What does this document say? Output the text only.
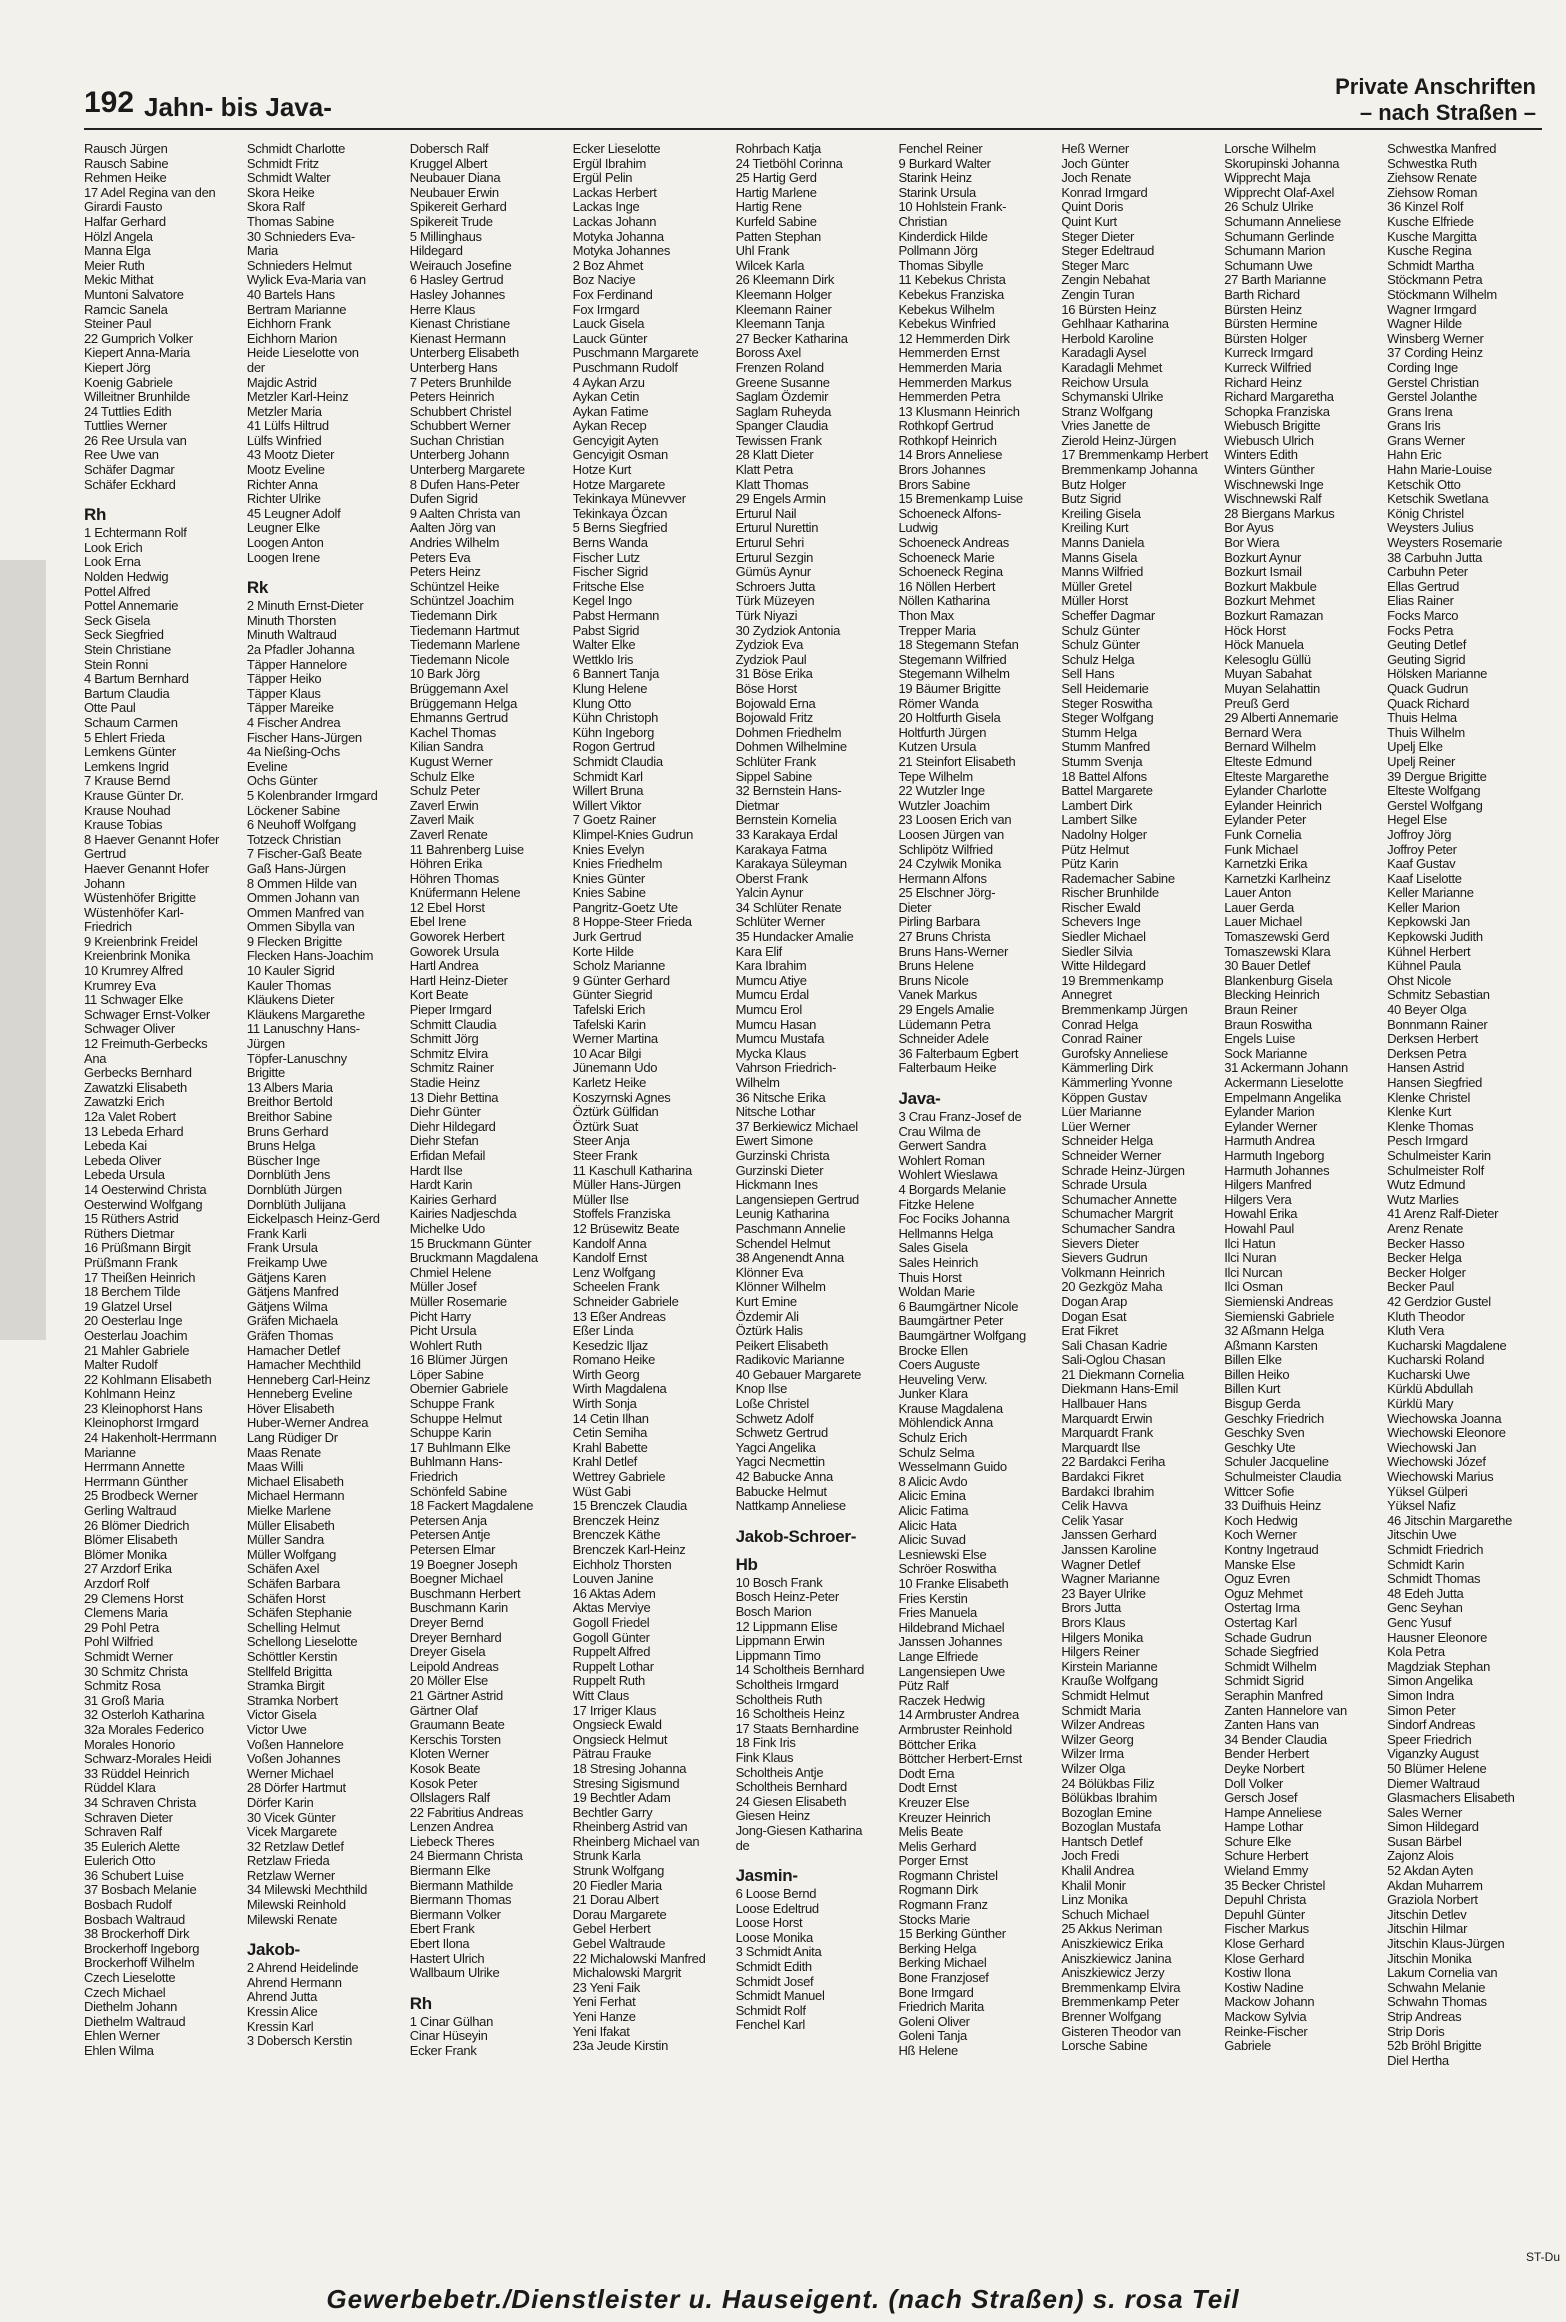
192 Jahn- bis Java-
Private Anschriften
– nach Straßen –
Rausch Jürgen
Rausch Sabine
Rehmen Heike
17 Adel Regina van den
Girardi Fausto
Halfar Gerhard
Hölzl Angela
Manna Elga
Meier Ruth
Mekic Mithat
Muntoni Salvatore
Ramcic Sanela
Steiner Paul
22 Gumprich Volker
Kiepert Anna-Maria
Kiepert Jörg
Koenig Gabriele
Willeitner Brunhilde
24 Tuttlies Edith
Tuttlies Werner
26 Ree Ursula van
Ree Uwe van
Schäfer Dagmar
Schäfer Eckhard

Rh
1 Echtermann Rolf
Look Erich
Look Erna
Nolden Hedwig
Pottel Alfred
Pottel Annemarie
Seck Gisela
Seck Siegfried
Stein Christiane
Stein Ronni
4 Bartum Bernhard
Bartum Claudia
Otte Paul
Schaum Carmen
5 Ehlert Frieda
Lemkens Günter
Lemkens Ingrid
7 Krause Bernd
Krause Günter Dr.
Krause Nouhad
Krause Tobias
8 Haever Genannt Hofer
Gertrud
Haever Genannt Hofer
Johann
Wüstenhöfer Brigitte
Wüstenhöfer Karl-
Friedrich
9 Kreienbrink Freidel
Kreienbrink Monika
10 Krumrey Alfred
Krumrey Eva
11 Schwager Elke
Schwager Ernst-Volker
Schwager Oliver
12 Freimuth-Gerbecks
Ana
Gerbecks Bernhard
Zawatzki Elisabeth
Zawatzki Erich
12a Valet Robert
13 Lebeda Erhard
Lebeda Kai
Lebeda Oliver
Lebeda Ursula
14 Oesterwind Christa
Oesterwind Wolfgang
15 Rüthers Astrid
Rüthers Dietmar
16 Prüßmann Birgit
Prüßmann Frank
17 Theißen Heinrich
18 Berchem Tilde
19 Glatzel Ursel
20 Oesterlau Inge
Oesterlau Joachim
21 Mahler Gabriele
Malter Rudolf
22 Kohlmann Elisabeth
Kohlmann Heinz
23 Kleinophorst Hans
Kleinophorst Irmgard
24 Hakenholt-Herrmann
Marianne
Herrmann Annette
Herrmann Günther
25 Brodbeck Werner
Gerling Waltraud
26 Blömer Diedrich
Blömer Elisabeth
Blömer Monika
27 Arzdorf Erika
Arzdorf Rolf
29 Clemens Horst
Clemens Maria
29 Pohl Petra
Pohl Wilfried
Schmidt Werner
30 Schmitz Christa
Schmitz Rosa
31 Groß Maria
32 Osterloh Katharina
32a Morales Federico
Morales Honorio
Schwarz-Morales Heidi
33 Rüddel Heinrich
Rüddel Klara
34 Schraven Christa
Schraven Dieter
Schraven Ralf
35 Eulerich Alette
Eulerich Otto
36 Schubert Luise
37 Bosbach Melanie
Bosbach Rudolf
Bosbach Waltraud
38 Brockerhoff Dirk
Brockerhoff Ingeborg
Brockerhoff Wilhelm
Czech Lieselotte
Czech Michael
Diethelm Johann
Diethelm Waltraud
Ehlen Werner
Ehlen Wilma
Schmidt Charlotte
Schmidt Fritz
Schmidt Walter
Skora Heike
Skora Ralf
Thomas Sabine
30 Schnieders Eva-
Maria
Schnieders Helmut
Wylick Eva-Maria van
40 Bartels Hans
Bertram Marianne
Eichhorn Frank
Eichhorn Marion
Heide Lieselotte von
der
Majdic Astrid
Metzler Karl-Heinz
Metzler Maria
41 Lülfs Hiltrud
Lülfs Winfried
43 Mootz Dieter
Mootz Eveline
Richter Anna
Richter Ulrike
45 Leugner Adolf
Leugner Elke
Loogen Anton
Loogen Irene

Rk
2 Minuth Ernst-Dieter
Minuth Thorsten
Minuth Waltraud
2a Pfadler Johanna
Täpper Hannelore
Täpper Heiko
Täpper Klaus
Täpper Mareike
4 Fischer Andrea
Fischer Hans-Jürgen
4a Nießing-Ochs
Eveline
Ochs Günter
5 Kolenbrander Irmgard
Löckener Sabine
6 Neuhoff Wolfgang
Totzeck Christian
7 Fischer-Gaß Beate
Gaß Hans-Jürgen
8 Ommen Hilde van
Ommen Johann van
Ommen Manfred van
Ommen Sibylla van
9 Flecken Brigitte
Flecken Hans-Joachim
10 Kauler Sigrid
Kauler Thomas
Kläukens Dieter
Kläukens Margarethe
11 Lanuschny Hans-
Jürgen
Töpfer-Lanuschny
Brigitte
13 Albers Maria
Breithor Bertold
Breithor Sabine
Bruns Gerhard
Bruns Helga
Büscher Inge
Dornblüth Jens
Dornblüth Jürgen
Dornblüth Julijana
Eickelpasch Heinz-Gerd
Frank Karli
Frank Ursula
Freikamp Uwe
Gätjens Karen
Gätjens Manfred
Gätjens Wilma
Gräfen Michaela
Gräfen Thomas
Hamacher Detlef
Hamacher Mechthild
Henneberg Carl-Heinz
Henneberg Eveline
Höver Elisabeth
Huber-Werner Andrea
Lang Rüdiger Dr
Maas Renate
Maas Willi
Michael Elisabeth
Michael Hermann
Mielke Marlene
Müller Elisabeth
Müller Sandra
Müller Wolfgang
Schäfen Axel
Schäfen Barbara
Schäfen Horst
Schäfen Stephanie
Schelling Helmut
Schellong Lieselotte
Schöttler Kerstin
Stellfeld Brigitta
Stramka Birgit
Stramka Norbert
Victor Gisela
Victor Uwe
Voßen Hannelore
Voßen Johannes
Werner Michael
28 Dörfer Hartmut
Dörfer Karin
30 Vicek Günter
Vicek Margarete
32 Retzlaw Detlef
Retzlaw Frieda
Retzlaw Werner
34 Milewski Mechthild
Milewski Reinhold
Milewski Renate

Jakob-
2 Ahrend Heidelinde
Ahrend Hermann
Ahrend Jutta
Kressin Alice
Kressin Karl
3 Dobersch Kerstin
Dobersch Ralf
Kruggel Albert
Neubauer Diana
Neubauer Erwin
Spikereit Gerhard
Spikereit Trude
5 Millinghaus
Hildegard
Weirauch Josefine
6 Hasley Gertrud
Hasley Johannes
Herre Klaus
Kienast Christiane
Kienast Hermann
Unterberg Elisabeth
Unterberg Hans
7 Peters Brunhilde
Peters Heinrich
Schubbert Christel
Schubbert Werner
Suchan Christian
Unterberg Johann
Unterberg Margarete
8 Dufen Hans-Peter
Dufen Sigrid
9 Aalten Christa van
Aalten Jörg van
Andries Wilhelm
Peters Eva
Peters Heinz
Schüntzel Heike
Schüntzel Joachim
Tiedemann Dirk
Tiedemann Hartmut
Tiedemann Marlene
Tiedemann Nicole
10 Bark Jörg
Brüggemann Axel
Brüggemann Helga
Ehmanns Gertrud
Kachel Thomas
Kilian Sandra
Kugust Werner
Schulz Elke
Schulz Peter
Zaverl Erwin
Zaverl Maik
Zaverl Renate
11 Bahrenberg Luise
Höhren Erika
Höhren Thomas
Knüfermann Helene
12 Ebel Horst
Ebel Irene
Goworek Herbert
Goworek Ursula
Hartl Andrea
Hartl Heinz-Dieter
Kort Beate
Pieper Irmgard
Schmitt Claudia
Schmitt Jörg
Schmitz Elvira
Schmitz Rainer
Stadie Heinz
13 Diehr Bettina
Diehr Günter
Diehr Hildegard
Diehr Stefan
Erfidan Mefail
Hardt Ilse
Hardt Karin
Kairies Gerhard
Kairies Nadjeschda
Michelke Udo
15 Bruckmann Günter
Bruckmann Magdalena
Chmiel Helene
Müller Josef
Müller Rosemarie
Picht Harry
Picht Ursula
Wohlert Ruth
16 Blümer Jürgen
Löper Sabine
Obernier Gabriele
Schuppe Frank
Schuppe Helmut
Schuppe Karin
17 Buhlmann Elke
Buhlmann Hans-
Friedrich
Schönfeld Sabine
18 Fackert Magdalene
Petersen Anja
Petersen Antje
Petersen Elmar
19 Boegner Joseph
Boegner Michael
Buschmann Herbert
Buschmann Karin
Dreyer Bernd
Dreyer Bernhard
Dreyer Gisela
Leipold Andreas
20 Möller Else
21 Gärtner Astrid
Gärtner Olaf
Graumann Beate
Kerschis Torsten
Kloten Werner
Kosok Beate
Kosok Peter
Ollslagers Ralf
22 Fabritius Andreas
Lenzen Andrea
Liebeck Theres
24 Biermann Christa
Biermann Elke
Biermann Mathilde
Biermann Thomas
Biermann Volker
Ebert Frank
Ebert Ilona
Hastert Ulrich
Wallbaum Ulrike

Rh
1 Cinar Gülhan
Cinar Hüseyin
Ecker Frank
Ecker Lieselotte
Ergül Ibrahim
Ergül Pelin
Lackas Herbert
Lackas Inge
Lackas Johann
Motyka Johanna
Motyka Johannes
2 Boz Ahmet
Boz Naciye
Fox Ferdinand
Fox Irmgard
Lauck Gisela
Lauck Günter
Puschmann Margarete
Puschmann Rudolf
4 Aykan Arzu
Aykan Cetin
Aykan Fatime
Aykan Recep
Gencyigit Ayten
Gencyigit Osman
Hotze Kurt
Hotze Margarete
Tekinkaya Münevver
Tekinkaya Özcan
5 Berns Siegfried
Berns Wanda
Fischer Lutz
Fischer Sigrid
Fritsche Else
Kegel Ingo
Pabst Hermann
Pabst Sigrid
Walter Elke
Wettklo Iris
6 Bannert Tanja
Klung Helene
Klung Otto
Kühn Christoph
Kühn Ingeborg
Rogon Gertrud
Schmidt Claudia
Schmidt Karl
Willert Bruna
Willert Viktor
7 Goetz Rainer
Klimpel-Knies Gudrun
Knies Evelyn
Knies Friedhelm
Knies Günter
Knies Sabine
Pangritz-Goetz Ute
8 Hoppe-Steer Frieda
Jurk Gertrud
Korte Hilde
Scholz Marianne
9 Günter Gerhard
Günter Siegrid
Tafelski Erich
Tafelski Karin
Werner Martina
10 Acar Bilgi
Jünemann Udo
Karletz Heike
Koszyrnski Agnes
Öztürk Gülfidan
Öztürk Suat
Steer Anja
Steer Frank
11 Kaschull Katharina
Müller Hans-Jürgen
Müller Ilse
Stoffels Franziska
12 Brüsewitz Beate
Kandolf Anna
Kandolf Ernst
Lenz Wolfgang
Scheelen Frank
Schneider Gabriele
13 Eßer Andreas
Eßer Linda
Kesedzic Iljaz
Romano Heike
Wirth Georg
Wirth Magdalena
Wirth Sonja
14 Cetin Ilhan
Cetin Semiha
Krahl Babette
Krahl Detlef
Wettrey Gabriele
Wüst Gabi
15 Brenczek Claudia
Brenczek Heinz
Brenczek Käthe
Brenczek Karl-Heinz
Eichholz Thorsten
Louven Janine
16 Aktas Adem
Aktas Merviye
Gogoll Friedel
Gogoll Günter
Ruppelt Alfred
Ruppelt Lothar
Ruppelt Ruth
Witt Claus
17 Irriger Klaus
Ongsieck Ewald
Ongsieck Helmut
Pätrau Frauke
18 Stresing Johanna
Stresing Sigismund
19 Bechtler Adam
Bechtler Garry
Rheinberg Astrid van
Rheinberg Michael van
Strunk Karla
Strunk Wolfgang
20 Fiedler Maria
21 Dorau Albert
Dorau Margarete
Gebel Herbert
Gebel Waltraude
22 Michalowski Manfred
Michalowski Margrit
23 Yeni Faik
Yeni Ferhat
Yeni Hanze
Yeni Ifakat
23a Jeude Kirstin
Rohrbach Katja
24 Tietböhl Corinna
25 Hartig Gerd
Hartig Marlene
Hartig Rene
Kurfeld Sabine
Patten Stephan
Uhl Frank
Wilcek Karla
26 Kleemann Dirk
Kleemann Holger
Kleemann Rainer
Kleemann Tanja
27 Becker Katharina
Boross Axel
Frenzen Roland
Greene Susanne
Saglam Özdemir
Saglam Ruheyda
Spanger Claudia
Tewissen Frank
28 Klatt Dieter
Klatt Petra
Klatt Thomas
29 Engels Armin
Erturul Nail
Erturul Nurettin
Erturul Sehri
Erturul Sezgin
Gümüs Aynur
Schroers Jutta
Türk Müzeyen
Türk Niyazi
30 Zydziok Antonia
Zydziok Eva
Zydziok Paul
31 Böse Erika
Böse Horst
Bojowald Erna
Bojowald Fritz
Dohmen Friedhelm
Dohmen Wilhelmine
Schlüter Frank
Sippel Sabine
32 Bernstein Hans-
Dietmar
Bernstein Kornelia
33 Karakaya Erdal
Karakaya Fatma
Karakaya Süleyman
Oberst Frank
Yalcin Aynur
34 Schlüter Renate
Schlüter Werner
35 Hundacker Amalie
Kara Elif
Kara Ibrahim
Mumcu Atiye
Mumcu Erdal
Mumcu Erol
Mumcu Hasan
Mumcu Mustafa
Mycka Klaus
Vahrson Friedrich-
Wilhelm
36 Nitsche Erika
Nitsche Lothar
37 Berkiewicz Michael
Ewert Simone
Gurzinski Christa
Gurzinski Dieter
Hickmann Ines
Langensiepen Gertrud
Leunig Katharina
Paschmann Annelie
Schendel Helmut
38 Angenendt Anna
Klönner Eva
Klönner Wilhelm
Kurt Emine
Özdemir Ali
Öztürk Halis
Peikert Elisabeth
Radikovic Marianne
40 Gebauer Margarete
Knop Ilse
Loße Christel
Schwetz Adolf
Schwetz Gertrud
Yagci Angelika
Yagci Necmettin
42 Babucke Anna
Babucke Helmut
Nattkamp Anneliese

Jakob-Schroer-
Hb
10 Bosch Frank
Bosch Heinz-Peter
Bosch Marion
12 Lippmann Elise
Lippmann Erwin
Lippmann Timo
14 Scholtheis Bernhard
Scholtheis Irmgard
Scholtheis Ruth
16 Scholtheis Heinz
17 Staats Bernhardine
18 Fink Iris
Fink Klaus
Scholtheis Antje
Scholtheis Bernhard
24 Giesen Elisabeth
Giesen Heinz
Jong-Giesen Katharina
de

Jasmin-
6 Loose Bernd
Loose Edeltrud
Loose Horst
Loose Monika
3 Schmidt Anita
Schmidt Edith
Schmidt Josef
Schmidt Manuel
Schmidt Rolf
Fenchel Karl
Fenchel Reiner
9 Burkard Walter
Starink Heinz
Starink Ursula
10 Hohlstein Frank-
Christian
Kinderdick Hilde
Pollmann Jörg
Thomas Sibylle
11 Kebekus Christa
Kebekus Franziska
Kebekus Wilhelm
Kebekus Winfried
12 Hemmerden Dirk
Hemmerden Ernst
Hemmerden Maria
Hemmerden Markus
Hemmerden Petra
13 Klusmann Heinrich
Rothkopf Gertrud
Rothkopf Heinrich
14 Brors Anneliese
Brors Johannes
Brors Sabine
15 Bremenkamp Luise
Schoeneck Alfons-
Ludwig
Schoeneck Andreas
Schoeneck Marie
Schoeneck Regina
16 Nöllen Herbert
Nöllen Katharina
Thon Max
Trepper Maria
18 Stegemann Stefan
Stegemann Wilfried
Stegemann Wilhelm
19 Bäumer Brigitte
Römer Wanda
20 Holtfurth Gisela
Holtfurth Jürgen
Kutzen Ursula
21 Steinfort Elisabeth
Tepe Wilhelm
22 Wutzler Inge
Wutzler Joachim
23 Loosen Erich van
Loosen Jürgen van
Schlipötz Wilfried
24 Czylwik Monika
Hermann Alfons
25 Elschner Jörg-
Dieter
Pirling Barbara
27 Bruns Christa
Bruns Hans-Werner
Bruns Helene
Bruns Nicole
Vanek Markus
29 Engels Amalie
Lüdemann Petra
Schneider Adele
36 Falterbaum Egbert
Falterbaum Heike

Java-
3 Crau Franz-Josef de
Crau Wilma de
Gerwert Sandra
Wohlert Roman
Wohlert Wieslawa
4 Borgards Melanie
Fitzke Helene
Foc Fociks Johanna
Hellmanns Helga
Sales Gisela
Sales Heinrich
Thuis Horst
Woldan Marie
6 Baumgärtner Nicole
Baumgärtner Peter
Baumgärtner Wolfgang
Brocke Ellen
Coers Auguste
Heuveling Verw.
Junker Klara
Krause Magdalena
Möhlendick Anna
Schulz Erich
Schulz Selma
Wesselmann Guido
8 Alicic Avdo
Alicic Emina
Alicic Fatima
Alicic Hata
Alicic Suvad
Lesniewski Else
Schröer Roswitha
10 Franke Elisabeth
Fries Kerstin
Fries Manuela
Hildebrand Michael
Janssen Johannes
Lange Elfriede
Langensiepen Uwe
Pütz Ralf
Raczek Hedwig
14 Armbruster Andrea
Armbruster Reinhold
Böttcher Erika
Böttcher Herbert-Ernst
Dodt Erna
Dodt Ernst
Kreuzer Else
Kreuzer Heinrich
Melis Beate
Melis Gerhard
Porger Ernst
Rogmann Christel
Rogmann Dirk
Rogmann Franz
Stocks Marie
15 Berking Günther
Berking Helga
Berking Michael
Bone Franzjosef
Bone Irmgard
Friedrich Marita
Goleni Oliver
Goleni Tanja
Hß Helene
Heß Werner
Joch Günter
Joch Renate
Konrad Irmgard
Quint Doris
Quint Kurt
Steger Dieter
Steger Edeltraud
Steger Marc
Zengin Nebahat
Zengin Turan
16 Bürsten Heinz
Gehlhaar Katharina
Herbold Karoline
Karadagli Aysel
Karadagli Mehmet
Reichow Ursula
Schymanski Ulrike
Stranz Wolfgang
Vries Janette de
Zierold Heinz-Jürgen
17 Bremmenkamp Herbert
Bremmenkamp Johanna
Butz Holger
Butz Sigrid
Kreiling Gisela
Kreiling Kurt
Manns Daniela
Manns Gisela
Manns Wilfried
Müller Gretel
Müller Horst
Scheffer Dagmar
Schulz Günter
Schulz Günter
Schulz Helga
Sell Hans
Sell Heidemarie
Steger Roswitha
Steger Wolfgang
Stumm Helga
Stumm Manfred
Stumm Svenja
18 Battel Alfons
Battel Margarete
Lambert Dirk
Lambert Silke
Nadolny Holger
Pütz Helmut
Pütz Karin
Rademacher Sabine
Rischer Brunhilde
Rischer Ewald
Schevers Inge
Siedler Michael
Siedler Silvia
Witte Hildegard
19 Bremmenkamp
Annegret
Bremmenkamp Jürgen
Conrad Helga
Conrad Rainer
Gurofsky Anneliese
Kämmerling Dirk
Kämmerling Yvonne
Köppen Gustav
Lüer Marianne
Lüer Werner
Schneider Helga
Schneider Werner
Schrade Heinz-Jürgen
Schrade Ursula
Schumacher Annette
Schumacher Margrit
Schumacher Sandra
Sievers Dieter
Sievers Gudrun
Volkmann Heinrich
20 Gezkgöz Maha
Dogan Arap
Dogan Esat
Erat Fikret
Sali Chasan Kadrie
Sali-Oglou Chasan
21 Diekmann Cornelia
Diekmann Hans-Emil
Hallbauer Hans
Marquardt Erwin
Marquardt Frank
Marquardt Ilse
22 Bardakci Feriha
Bardakci Fikret
Bardakci Ibrahim
Celik Havva
Celik Yasar
Janssen Gerhard
Janssen Karoline
Wagner Detlef
Wagner Marianne
23 Bayer Ulrike
Brors Jutta
Brors Klaus
Hilgers Monika
Hilgers Reiner
Kirstein Marianne
Krauße Wolfgang
Schmidt Helmut
Schmidt Maria
Wilzer Andreas
Wilzer Georg
Wilzer Irma
Wilzer Olga
24 Bölükbas Filiz
Bölükbas Ibrahim
Bozoglan Emine
Bozoglan Mustafa
Hantsch Detlef
Joch Fredi
Khalil Andrea
Khalil Monir
Linz Monika
Schuch Michael
25 Akkus Neriman
Aniszkiewicz Erika
Aniszkiewicz Janina
Aniszkiewicz Jerzy
Bremmenkamp Elvira
Bremmenkamp Peter
Brenner Wolfgang
Gisteren Theodor van
Lorsche Sabine
Lorsche Wilhelm
Skorupinski Johanna
Wipprecht Maja
Wipprecht Olaf-Axel
26 Schulz Ulrike
Schumann Anneliese
Schumann Gerlinde
Schumann Marion
Schumann Uwe
27 Barth Marianne
Barth Richard
Bürsten Heinz
Bürsten Hermine
Bürsten Holger
Kurreck Irmgard
Kurreck Wilfried
Richard Heinz
Richard Margaretha
Schopka Franziska
Wiebusch Brigitte
Wiebusch Ulrich
Winters Edith
Winters Günther
Wischnewski Inge
Wischnewski Ralf
28 Biergans Markus
Bor Ayus
Bor Wiera
Bozkurt Aynur
Bozkurt Ismail
Bozkurt Makbule
Bozkurt Mehmet
Bozkurt Ramazan
Höck Horst
Höck Manuela
Kelesoglu Güllü
Muyan Sabahat
Muyan Selahattin
Preuß Gerd
29 Alberti Annemarie
Bernard Wera
Bernard Wilhelm
Elteste Edmund
Elteste Margarethe
Eylander Charlotte
Eylander Heinrich
Eylander Peter
Funk Cornelia
Funk Michael
Karnetzki Erika
Karnetzki Karlheinz
Lauer Anton
Lauer Gerda
Lauer Michael
Tomaszewski Gerd
Tomaszewski Klara
30 Bauer Detlef
Blankenburg Gisela
Blecking Heinrich
Braun Reiner
Braun Roswitha
Engels Luise
Sock Marianne
31 Ackermann Johann
Ackermann Lieselotte
Empelmann Angelika
Eylander Marion
Eylander Werner
Harmuth Andrea
Harmuth Ingeborg
Harmuth Johannes
Hilgers Manfred
Hilgers Vera
Howahl Erika
Howahl Paul
Ilci Hatun
Ilci Nuran
Ilci Nurcan
Ilci Osman
Siemienski Andreas
Siemienski Gabriele
32 Aßmann Helga
Aßmann Karsten
Billen Elke
Billen Heiko
Billen Kurt
Bisgup Gerda
Geschky Friedrich
Geschky Sven
Geschky Ute
Schuler Jacqueline
Schulmeister Claudia
Wittcer Sofie
33 Duifhuis Heinz
Koch Hedwig
Koch Werner
Kontny Ingetraud
Manske Else
Oguz Evren
Oguz Mehmet
Ostertag Irma
Ostertag Karl
Schade Gudrun
Schade Siegfried
Schmidt Wilhelm
Schmidt Sigrid
Seraphin Manfred
Zanten Hannelore van
Zanten Hans van
34 Bender Claudia
Bender Herbert
Deyke Norbert
Doll Volker
Gersch Josef
Hampe Anneliese
Hampe Lothar
Schure Elke
Schure Herbert
Wieland Emmy
35 Becker Christel
Depuhl Christa
Depuhl Günter
Fischer Markus
Klose Gerhard
Klose Gerhard
Kostiw Ilona
Kostiw Nadine
Mackow Johann
Mackow Sylvia
Reinke-Fischer
Gabriele
Schwestka Manfred
Schwestka Ruth
Ziehsow Renate
Ziehsow Roman
36 Kinzel Rolf
Kusche Elfriede
Kusche Margitta
Kusche Regina
Schmidt Martha
Stöckmann Petra
Stöckmann Wilhelm
Wagner Irmgard
Wagner Hilde
Winsberg Werner
37 Cording Heinz
Cording Inge
Gerstel Christian
Gerstel Jolanthe
Grans Irena
Grans Iris
Grans Werner
Hahn Eric
Hahn Marie-Louise
Ketschik Otto
Ketschik Swetlana
König Christel
Weysters Julius
Weysters Rosemarie
38 Carbuhn Jutta
Carbuhn Peter
Ellas Gertrud
Elias Rainer
Focks Marco
Focks Petra
Geuting Detlef
Geuting Sigrid
Hölsken Marianne
Quack Gudrun
Quack Richard
Thuis Helma
Thuis Wilhelm
Upelj Elke
Upelj Reiner
39 Dergue Brigitte
Elteste Wolfgang
Gerstel Wolfgang
Hegel Else
Joffroy Jörg
Joffroy Peter
Kaaf Gustav
Kaaf Liselotte
Keller Marianne
Keller Marion
Kepkowski Jan
Kepkowski Judith
Kühnel Herbert
Kühnel Paula
Ohst Nicole
Schmitz Sebastian
40 Beyer Olga
Bonnmann Rainer
Derksen Herbert
Derksen Petra
Hansen Astrid
Hansen Siegfried
Klenke Christel
Klenke Kurt
Klenke Thomas
Pesch Irmgard
Schulmeister Karin
Schulmeister Rolf
Wutz Edmund
Wutz Marlies
41 Arenz Ralf-Dieter
Arenz Renate
Becker Hasso
Becker Helga
Becker Holger
Becker Paul
42 Gerdzior Gustel
Kluth Theodor
Kluth Vera
Kucharski Magdalene
Kucharski Roland
Kucharski Uwe
Kürklü Abdullah
Kürklü Mary
Wiechowska Joanna
Wiechowski Eleonore
Wiechowski Jan
Wiechowski Józef
Wiechowski Marius
Yüksel Gülperi
Yüksel Nafiz
46 Jitschin Margarethe
Jitschin Uwe
Schmidt Friedrich
Schmidt Karin
Schmidt Thomas
48 Edeh Jutta
Genc Seyhan
Genc Yusuf
Hausner Eleonore
Kola Petra
Magdziak Stephan
Simon Angelika
Simon Indra
Simon Peter
Sindorf Andreas
Speer Friedrich
Viganzky August
50 Blümer Helene
Diemer Waltraud
Glasmachers Elisabeth
Sales Werner
Simon Hildegard
Susan Bärbel
Zajonz Alois
52 Akdan Ayten
Akdan Muharrem
Graziola Norbert
Jitschin Detlev
Jitschin Hilmar
Jitschin Klaus-Jürgen
Jitschin Monika
Lakum Cornelia van
Schwahn Melanie
Schwahn Thomas
Strip Andreas
Strip Doris
52b Bröhl Brigitte
Diel Hertha
Gewerbebetr./Dienstleister u. Hauseigent. (nach Straßen) s. rosa Teil
ST-Du
